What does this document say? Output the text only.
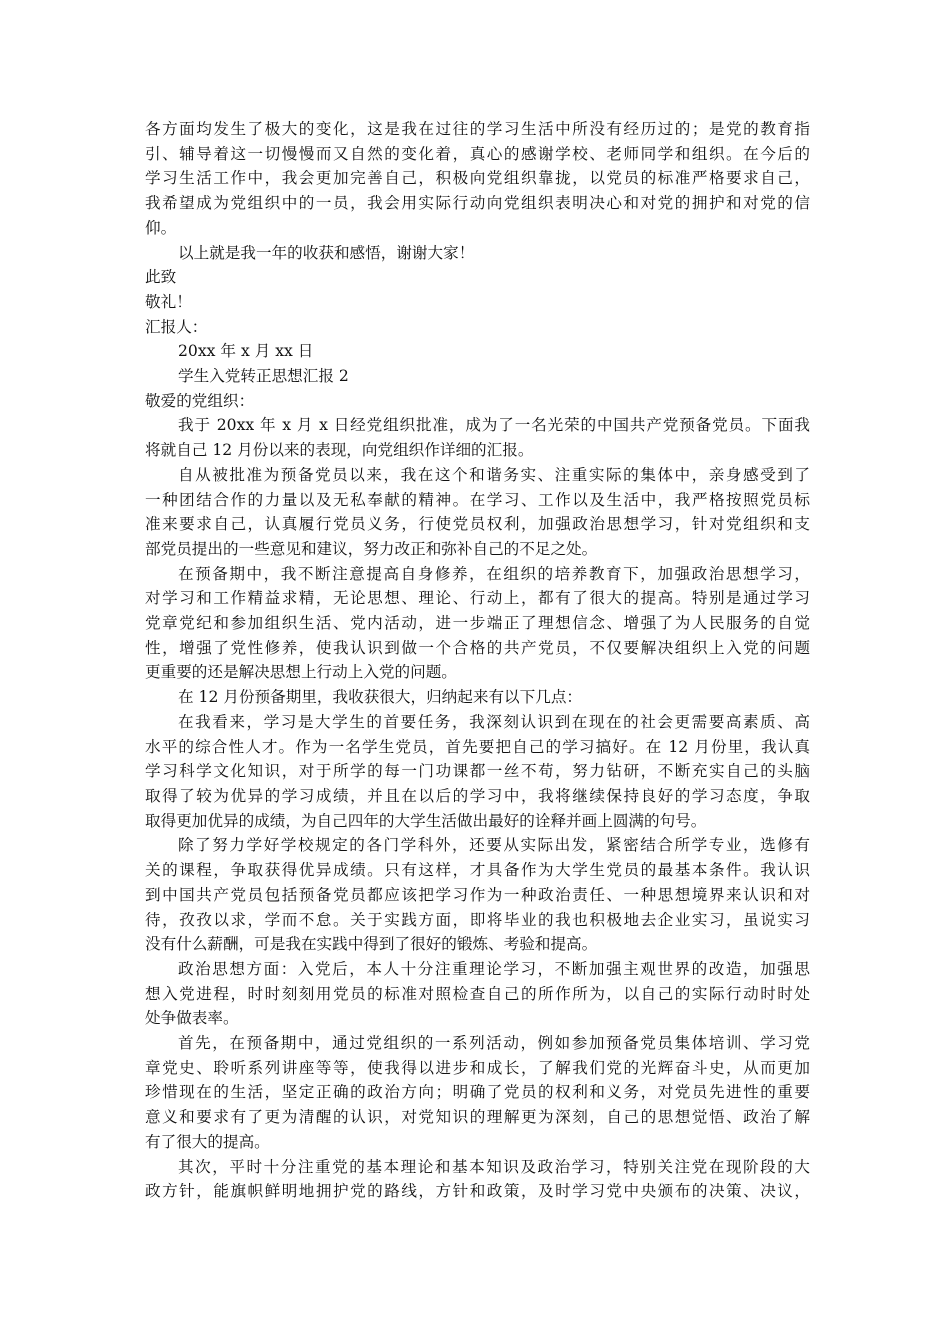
各方面均发生了极大的变化，这是我在过往的学习生活中所没有经历过的；是党的教育指
引、辅导着这一切慢慢而又自然的变化着，真心的感谢学校、老师同学和组织。在今后的
学习生活工作中，我会更加完善自己，积极向党组织靠拢，以党员的标准严格要求自己，
我希望成为党组织中的一员，我会用实际行动向党组织表明决心和对党的拥护和对党的信
仰。
以上就是我一年的收获和感悟，谢谢大家！
此致
敬礼！
汇报人：
20xx 年 x 月 xx 日
学生入党转正思想汇报 2
敬爱的党组织：
我于 20xx 年 x 月 x 日经党组织批准，成为了一名光荣的中国共产党预备党员。下面我
将就自己 12 月份以来的表现，向党组织作详细的汇报。
自从被批准为预备党员以来，我在这个和谐务实、注重实际的集体中，亲身感受到了
一种团结合作的力量以及无私奉献的精神。在学习、工作以及生活中，我严格按照党员标
准来要求自己，认真履行党员义务，行使党员权利，加强政治思想学习，针对党组织和支
部党员提出的一些意见和建议，努力改正和弥补自己的不足之处。
在预备期中，我不断注意提高自身修养，在组织的培养教育下，加强政治思想学习，
对学习和工作精益求精，无论思想、理论、行动上，都有了很大的提高。特别是通过学习
党章党纪和参加组织生活、党内活动，进一步端正了理想信念、增强了为人民服务的自觉
性，增强了党性修养，使我认识到做一个合格的共产党员，不仅要解决组织上入党的问题
更重要的还是解决思想上行动上入党的问题。
在 12 月份预备期里，我收获很大，归纳起来有以下几点：
在我看来，学习是大学生的首要任务，我深刻认识到在现在的社会更需要高素质、高
水平的综合性人才。作为一名学生党员，首先要把自己的学习搞好。在 12 月份里，我认真
学习科学文化知识，对于所学的每一门功课都一丝不苟，努力钻研，不断充实自己的头脑
取得了较为优异的学习成绩，并且在以后的学习中，我将继续保持良好的学习态度，争取
取得更加优异的成绩，为自己四年的大学生活做出最好的诠释并画上圆满的句号。
除了努力学好学校规定的各门学科外，还要从实际出发，紧密结合所学专业，选修有
关的课程，争取获得优异成绩。只有这样，才具备作为大学生党员的最基本条件。我认识
到中国共产党员包括预备党员都应该把学习作为一种政治责任、一种思想境界来认识和对
待，孜孜以求，学而不怠。关于实践方面，即将毕业的我也积极地去企业实习，虽说实习
没有什么薪酬，可是我在实践中得到了很好的锻炼、考验和提高。
政治思想方面：入党后，本人十分注重理论学习，不断加强主观世界的改造，加强思
想入党进程，时时刻刻用党员的标准对照检查自己的所作所为，以自己的实际行动时时处
处争做表率。
首先，在预备期中，通过党组织的一系列活动，例如参加预备党员集体培训、学习党
章党史、聆听系列讲座等等，使我得以进步和成长，了解我们党的光辉奋斗史，从而更加
珍惜现在的生活，坚定正确的政治方向；明确了党员的权利和义务，对党员先进性的重要
意义和要求有了更为清醒的认识，对党知识的理解更为深刻，自己的思想觉悟、政治了解
有了很大的提高。
其次，平时十分注重党的基本理论和基本知识及政治学习，特别关注党在现阶段的大
政方针，能旗帜鲜明地拥护党的路线，方针和政策，及时学习党中央颁布的决策、决议，
